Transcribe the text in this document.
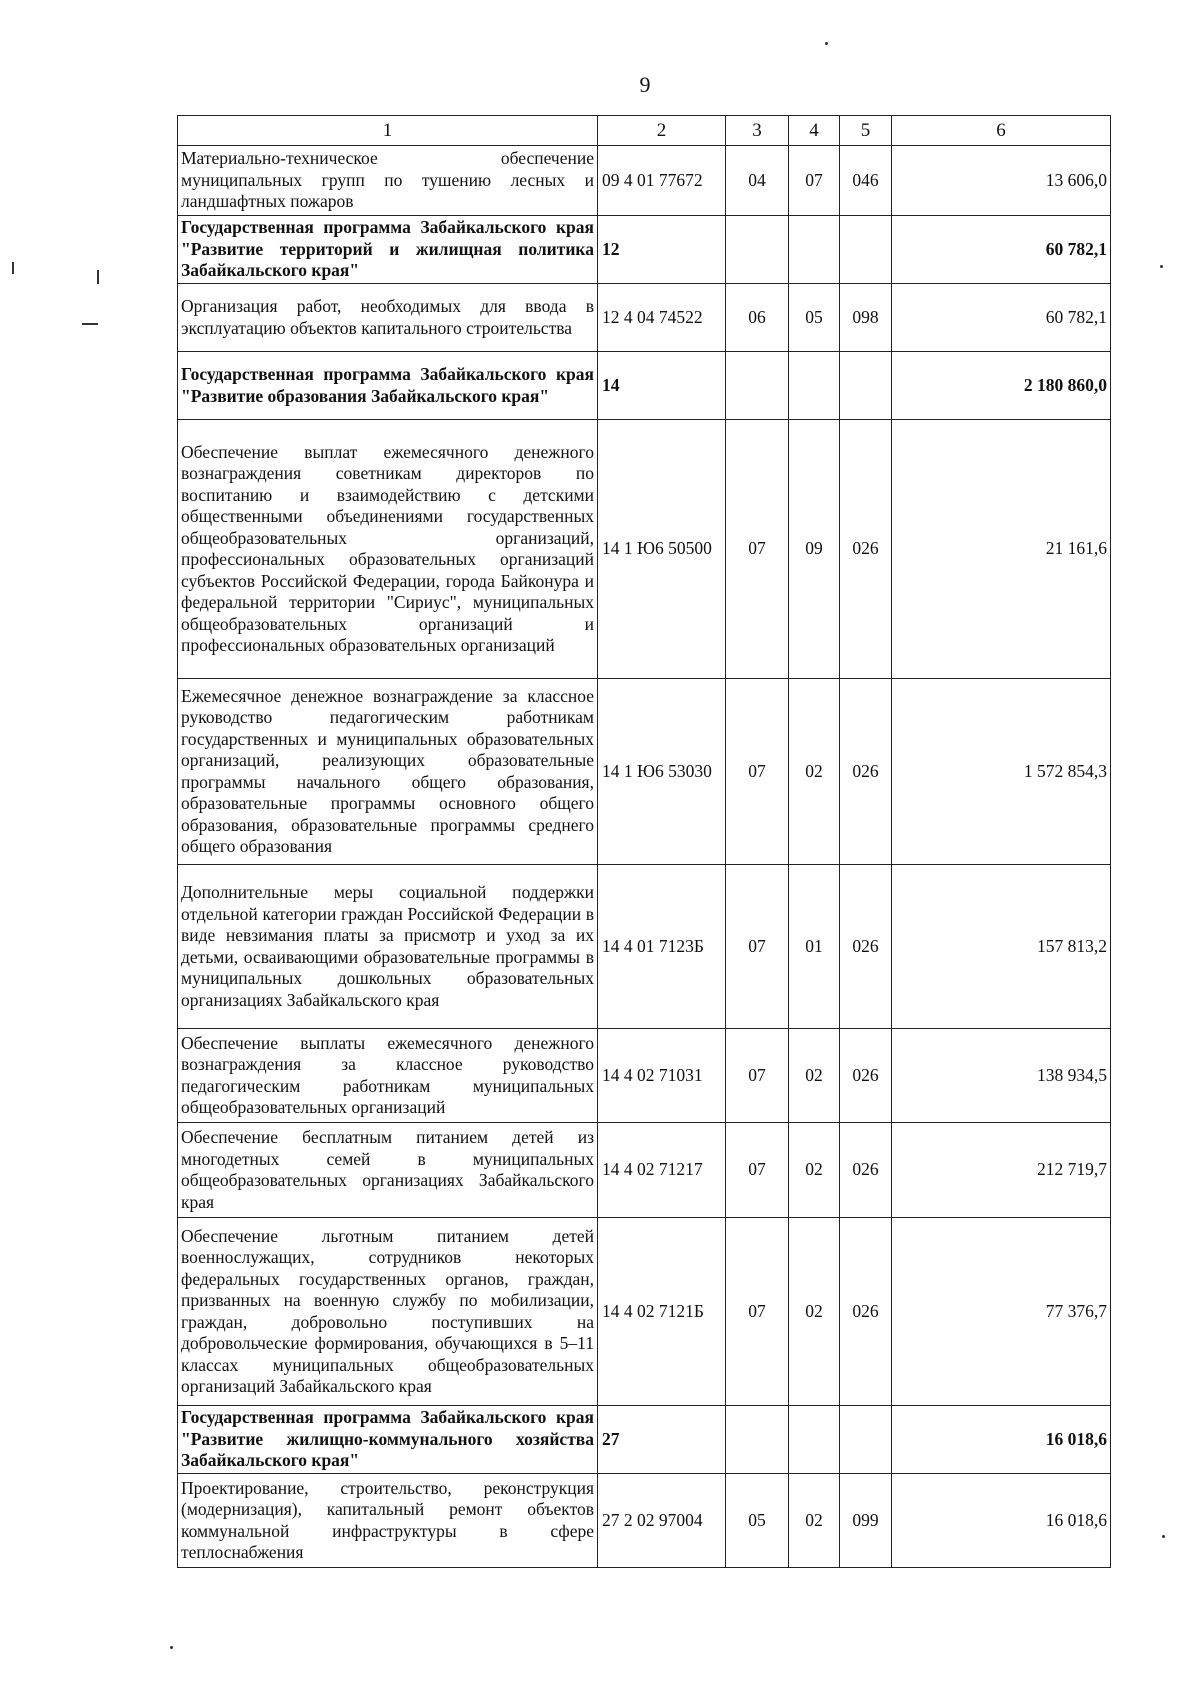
9
1	2	3	4	5	6
Материально-техническое обеспечение муниципальных групп по тушению лесных и ландшафтных пожаров	09 4 01 77672	04	07	046	13 606,0
Государственная программа Забайкальского края "Развитие территорий и жилищная политика Забайкальского края"	12				60 782,1
Организация работ, необходимых для ввода в эксплуатацию объектов капитального строительства	12 4 04 74522	06	05	098	60 782,1
Государственная программа Забайкальского края "Развитие образования Забайкальского края"	14				2 180 860,0
Обеспечение выплат ежемесячного денежного вознаграждения советникам директоров по воспитанию и взаимодействию с детскими общественными объединениями государственных общеобразовательных организаций, профессиональных образовательных организаций субъектов Российской Федерации, города Байконура и федеральной территории "Сириус", муниципальных общеобразовательных организаций и профессиональных образовательных организаций	14 1 Ю6 50500	07	09	026	21 161,6
Ежемесячное денежное вознаграждение за классное руководство педагогическим работникам государственных и муниципальных образовательных организаций, реализующих образовательные программы начального общего образования, образовательные программы основного общего образования, образовательные программы среднего общего образования	14 1 Ю6 53030	07	02	026	1 572 854,3
Дополнительные меры социальной поддержки отдельной категории граждан Российской Федерации в виде невзимания платы за присмотр и уход за их детьми, осваивающими образовательные программы в муниципальных дошкольных образовательных организациях Забайкальского края	14 4 01 7123Б	07	01	026	157 813,2
Обеспечение выплаты ежемесячного денежного вознаграждения за классное руководство педагогическим работникам муниципальных общеобразовательных организаций	14 4 02 71031	07	02	026	138 934,5
Обеспечение бесплатным питанием детей из многодетных семей в муниципальных общеобразовательных организациях Забайкальского края	14 4 02 71217	07	02	026	212 719,7
Обеспечение льготным питанием детей военнослужащих, сотрудников некоторых федеральных государственных органов, граждан, призванных на военную службу по мобилизации, граждан, добровольно поступивших на добровольческие формирования, обучающихся в 5–11 классах муниципальных общеобразовательных организаций Забайкальского края	14 4 02 7121Б	07	02	026	77 376,7
Государственная программа Забайкальского края "Развитие жилищно-коммунального хозяйства Забайкальского края"	27				16 018,6
Проектирование, строительство, реконструкция (модернизация), капитальный ремонт объектов коммунальной инфраструктуры в сфере теплоснабжения	27 2 02 97004	05	02	099	16 018,6
